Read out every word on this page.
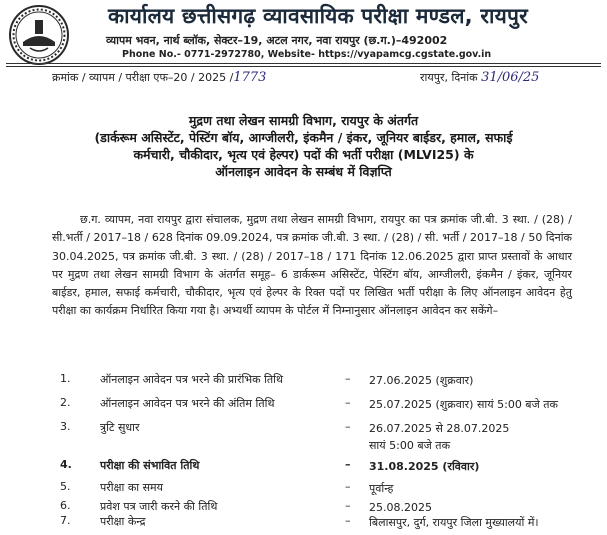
कार्यालय छत्तीसगढ़ व्यावसायिक परीक्षा मण्डल, रायपुर
व्यापम भवन, नार्थ ब्लॉक, सेक्टर–19, अटल नगर, नवा रायपुर (छ.ग.)–492002
Phone No.- 0771-2972780, Website- https://vyapamcg.cgstate.gov.in
क्रमांक / व्यापम / परीक्षा एफ–20 / 2025 /1773	रायपुर, दिनांक 31/06/25
मुद्रण तथा लेखन सामग्री विभाग, रायपुर के अंतर्गत
(डार्करूम असिस्टेंट, पेस्टिंग बॉय, आग्जीलरी, इंकमैन / इंकर, जूनियर बाईडर, हमाल, सफाई
कर्मचारी, चौकीदार, भृत्य एवं हेल्पर) पदों की भर्ती परीक्षा (MLVI25) के
ऑनलाइन आवेदन के सम्बंध में विज्ञप्ति

छ.ग. व्यापम, नवा रायपुर द्वारा संचालक, मुद्रण तथा लेखन सामग्री विभाग, रायपुर का पत्र क्रमांक जी.बी. 3 स्था. / (28) / सी.भर्ती / 2017–18 / 628 दिनांक 09.09.2024, पत्र क्रमांक जी.बी. 3 स्था. / (28) / सी. भर्ती / 2017–18 / 50 दिनांक 30.04.2025, पत्र क्रमांक जी.बी. 3 स्था. / (28) / 2017–18 / 171 दिनांक 12.06.2025 द्वारा प्राप्त प्रस्तावों के आधार पर मुद्रण तथा लेखन सामग्री विभाग के अंतर्गत समूह– 6 डार्करूम असिस्टेंट, पेस्टिंग बॉय, आग्जीलरी, इंकमैन / इंकर, जूनियर बाईडर, हमाल, सफाई कर्मचारी, चौकीदार, भृत्य एवं हेल्पर के रिक्त पदों पर लिखित भर्ती परीक्षा के लिए ऑनलाइन आवेदन हेतु परीक्षा का कार्यक्रम निर्धारित किया गया है। अभ्यर्थी व्यापम के पोर्टल में निम्नानुसार ऑनलाइन आवेदन कर सकेंगे–

1.	ऑनलाइन आवेदन पत्र भरने की प्रारंभिक तिथि	– 27.06.2025 (शुक्रवार)
2.	ऑनलाइन आवेदन पत्र भरने की अंतिम तिथि	– 25.07.2025 (शुक्रवार) सायं 5:00 बजे तक
3.	त्रुटि सुधार	– 26.07.2025 से 28.07.2025
सायं 5:00 बजे तक
4.	परीक्षा की संभावित तिथि	– 31.08.2025 (रविवार)
5.	परीक्षा का समय	– पूर्वान्ह
6.	प्रवेश पत्र जारी करने की तिथि	– 25.08.2025
7.	परीक्षा केन्द्र	– बिलासपुर, दुर्ग, रायपुर जिला मुख्यालयों में।
